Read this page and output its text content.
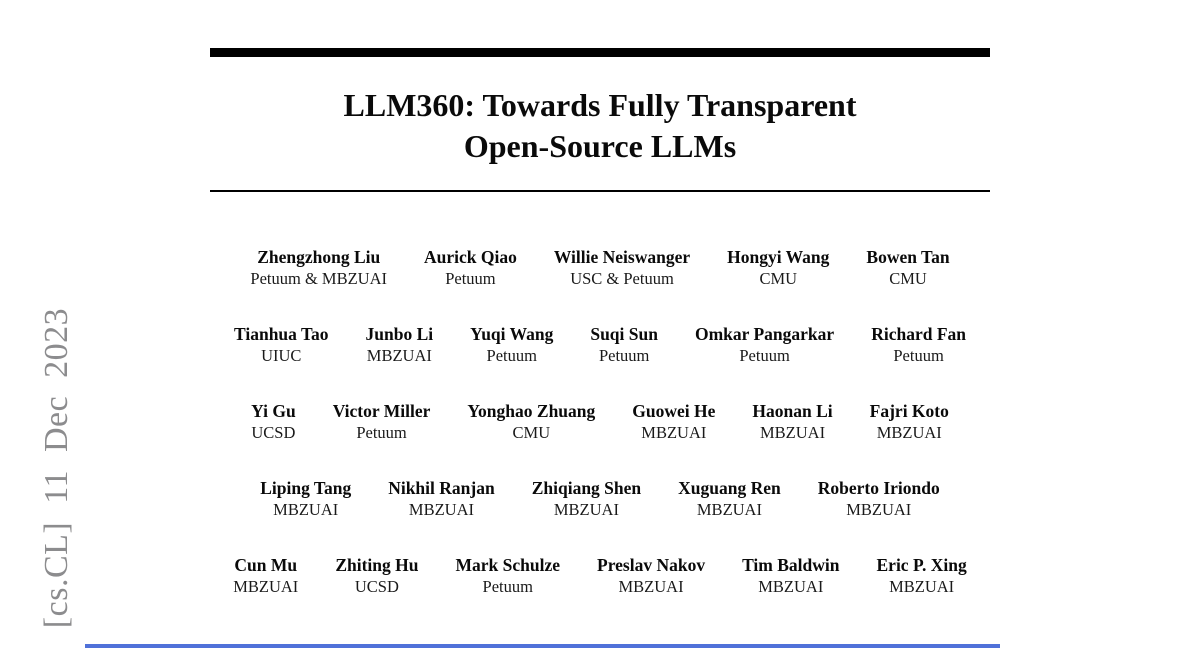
[cs.CL] 11 Dec 2023
LLM360: Towards Fully Transparent
Open-Source LLMs
Zhengzhong Liu
Petuum & MBZUAI
Aurick Qiao
Petuum
Willie Neiswanger
USC & Petuum
Hongyi Wang
CMU
Bowen Tan
CMU
Tianhua Tao
UIUC
Junbo Li
MBZUAI
Yuqi Wang
Petuum
Suqi Sun
Petuum
Omkar Pangarkar
Petuum
Richard Fan
Petuum
Yi Gu
UCSD
Victor Miller
Petuum
Yonghao Zhuang
CMU
Guowei He
MBZUAI
Haonan Li
MBZUAI
Fajri Koto
MBZUAI
Liping Tang
MBZUAI
Nikhil Ranjan
MBZUAI
Zhiqiang Shen
MBZUAI
Xuguang Ren
MBZUAI
Roberto Iriondo
MBZUAI
Cun Mu
MBZUAI
Zhiting Hu
UCSD
Mark Schulze
Petuum
Preslav Nakov
MBZUAI
Tim Baldwin
MBZUAI
Eric P. Xing
MBZUAI
